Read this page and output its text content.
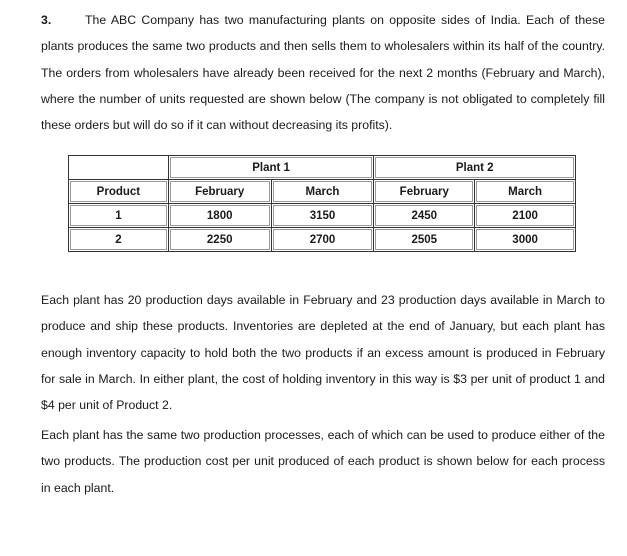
3.	The ABC Company has two manufacturing plants on opposite sides of India. Each of these plants produces the same two products and then sells them to wholesalers within its half of the country. The orders from wholesalers have already been received for the next 2 months (February and March), where the number of units requested are shown below (The company is not obligated to completely fill these orders but will do so if it can without decreasing its profits).

	Plant 1		Plant 2	
Product	February	March	February	March
1	1800	3150	2450	2100
2	2250	2700	2505	3000

Each plant has 20 production days available in February and 23 production days available in March to produce and ship these products. Inventories are depleted at the end of January, but each plant has enough inventory capacity to hold both the two products if an excess amount is produced in February for sale in March. In either plant, the cost of holding inventory in this way is $3 per unit of product 1 and $4 per unit of Product 2.

Each plant has the same two production processes, each of which can be used to produce either of the two products. The production cost per unit produced of each product is shown below for each process in each plant.
